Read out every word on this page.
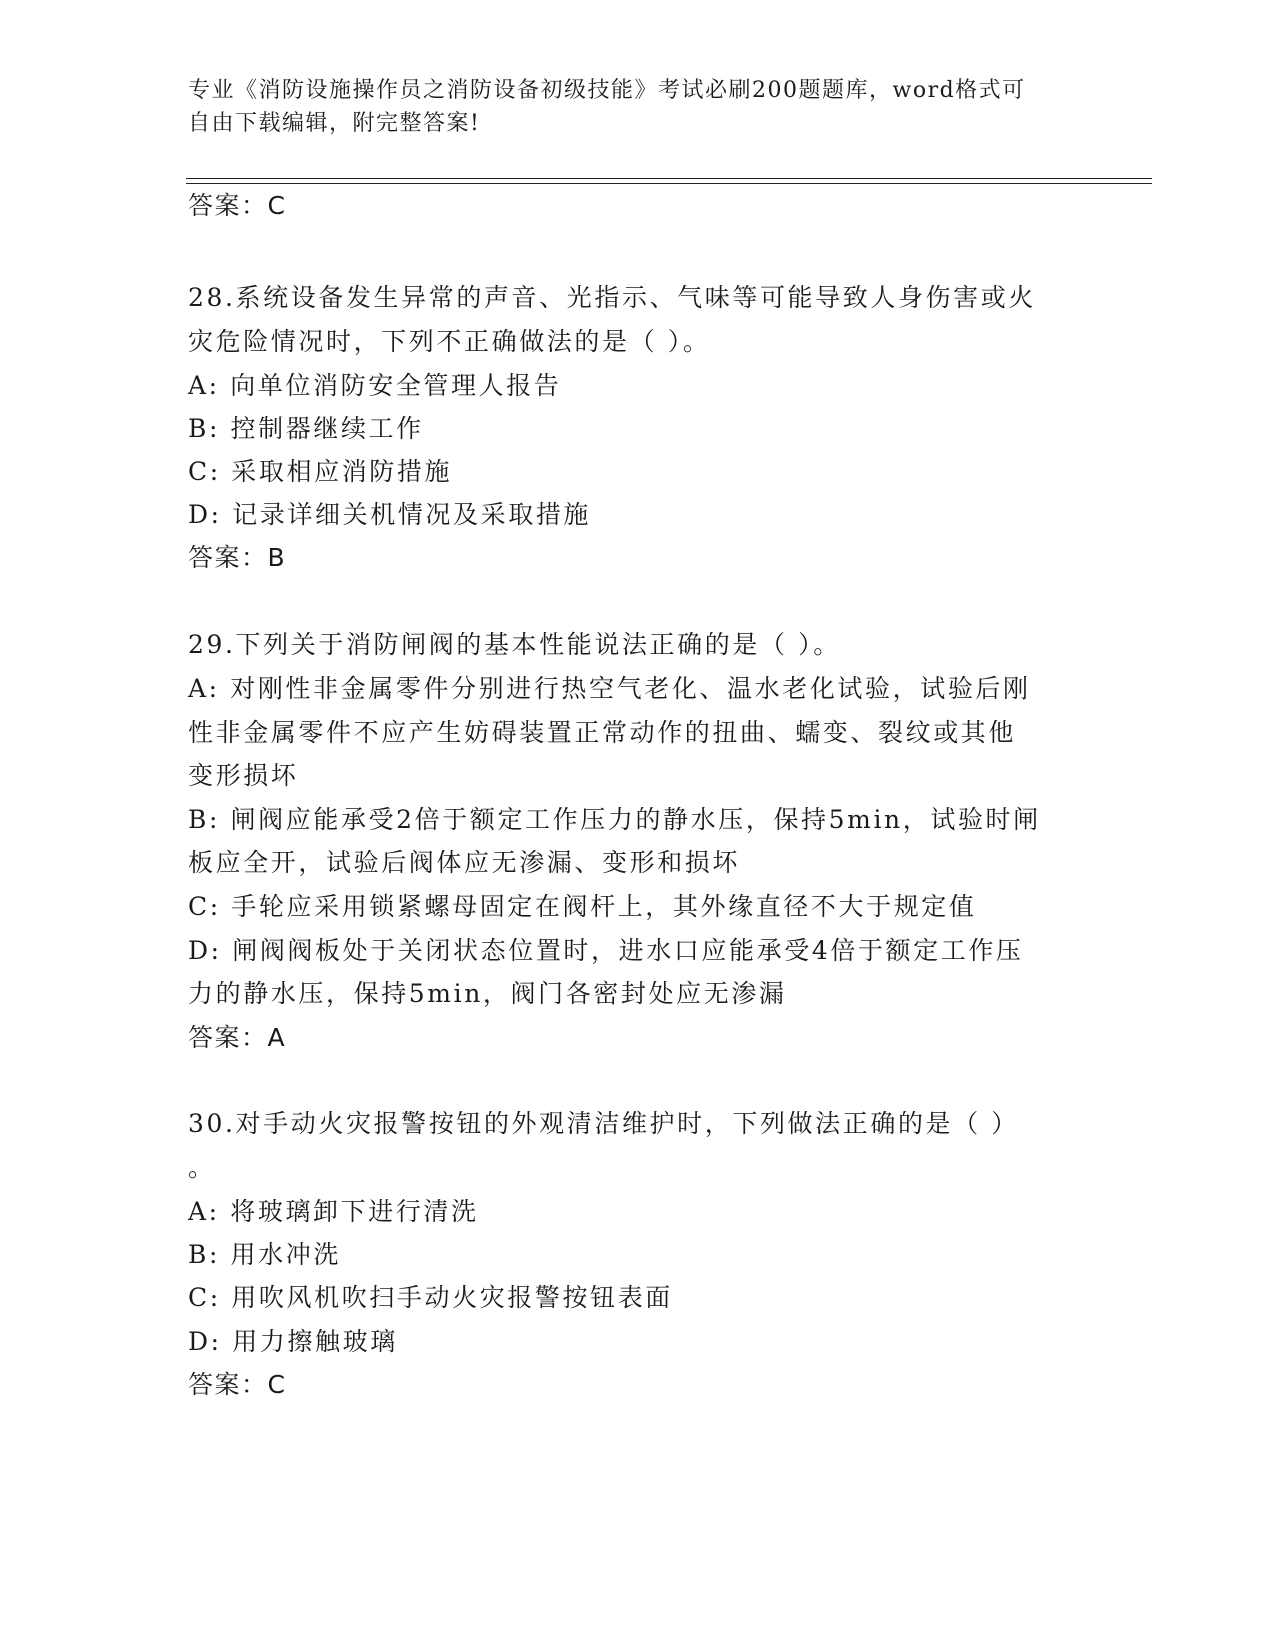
专业《消防设施操作员之消防设备初级技能》考试必刷200题题库，word格式可
自由下载编辑，附完整答案!
答案：C
28.系统设备发生异常的声音、光指示、气味等可能导致人身伤害或火
灾危险情况时，下列不正确做法的是（ ）。
A: 向单位消防安全管理人报告
B: 控制器继续工作
C: 采取相应消防措施
D: 记录详细关机情况及采取措施
答案：B
29.下列关于消防闸阀的基本性能说法正确的是（ ）。
A: 对刚性非金属零件分别进行热空气老化、温水老化试验，试验后刚
性非金属零件不应产生妨碍装置正常动作的扭曲、蠕变、裂纹或其他
变形损坏
B: 闸阀应能承受2倍于额定工作压力的静水压，保持5min，试验时闸
板应全开，试验后阀体应无渗漏、变形和损坏
C: 手轮应采用锁紧螺母固定在阀杆上，其外缘直径不大于规定值
D: 闸阀阀板处于关闭状态位置时，进水口应能承受4倍于额定工作压
力的静水压，保持5min，阀门各密封处应无渗漏
答案：A
30.对手动火灾报警按钮的外观清洁维护时，下列做法正确的是（ ）
。
A: 将玻璃卸下进行清洗
B: 用水冲洗
C: 用吹风机吹扫手动火灾报警按钮表面
D: 用力擦触玻璃
答案：C
